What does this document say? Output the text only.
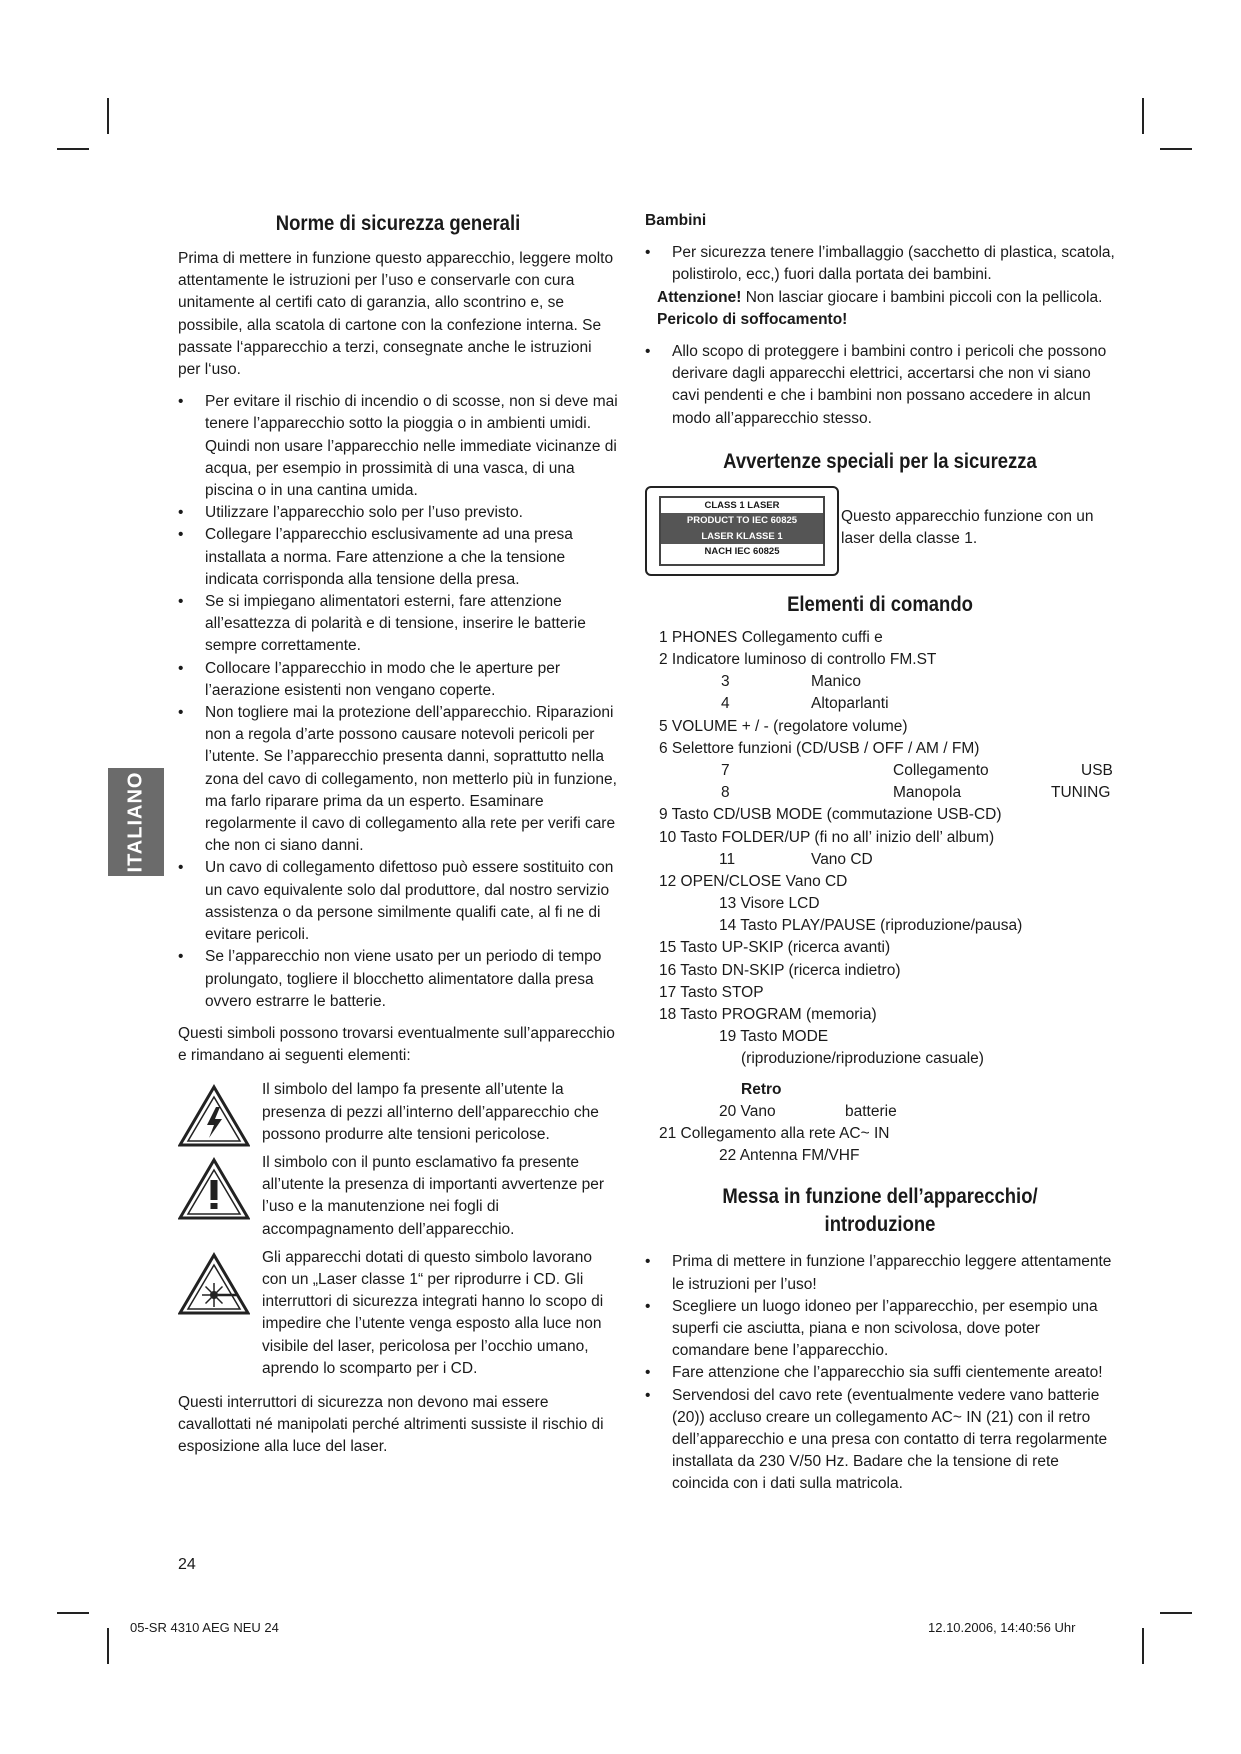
ITALIANO
Norme di sicurezza generali

Prima di mettere in funzione questo apparecchio, leggere molto attentamente le istruzioni per l’uso e conservarle con cura unitamente al certifi cato di garanzia, allo scontrino e, se possibile, alla scatola di cartone con la confezione interna. Se passate l‘apparecchio a terzi, consegnate anche le istruzioni per l‘uso.

• Per evitare il rischio di incendio o di scosse, non si deve mai tenere l’apparecchio sotto la pioggia o in ambienti umidi. Quindi non usare l’apparecchio nelle immediate vicinanze di acqua, per esempio in prossimità di una vasca, di una piscina o in una cantina umida.
• Utilizzare l’apparecchio solo per l’uso previsto.
• Collegare l’apparecchio esclusivamente ad una presa installata a norma. Fare attenzione a che la tensione indicata corrisponda alla tensione della presa.
• Se si impiegano alimentatori esterni, fare attenzione all’esattezza di polarità e di tensione, inserire le batterie sempre correttamente.
• Collocare l’apparecchio in modo che le aperture per l’aerazione esistenti non vengano coperte.
• Non togliere mai la protezione dell’apparecchio. Riparazioni non a regola d’arte possono causare notevoli pericoli per l’utente. Se l’apparecchio presenta danni, soprattutto nella zona del cavo di collegamento, non metterlo più in funzione, ma farlo riparare prima da un esperto. Esaminare regolarmente il cavo di collegamento alla rete per verifi care che non ci siano danni.
• Un cavo di collegamento difettoso può essere sostituito con un cavo equivalente solo dal produttore, dal nostro servizio assistenza o da persone similmente qualifi cate, al fi ne di evitare pericoli.
• Se l’apparecchio non viene usato per un periodo di tempo prolungato, togliere il blocchetto alimentatore dalla presa ovvero estrarre le batterie.

Questi simboli possono trovarsi eventualmente sull’apparecchio e rimandano ai seguenti elementi:

Il simbolo del lampo fa presente all’utente la presenza di pezzi all’interno dell’apparecchio che possono produrre alte tensioni pericolose.

Il simbolo con il punto esclamativo fa presente all’utente la presenza di importanti avvertenze per l’uso e la manutenzione nei fogli di accompagnamento dell’apparecchio.

Gli apparecchi dotati di questo simbolo lavorano con un „Laser classe 1“ per riprodurre i CD. Gli interruttori di sicurezza integrati hanno lo scopo di impedire che l’utente venga esposto alla luce non visibile del laser, pericolosa per l’occhio umano, aprendo lo scomparto per i CD.

Questi interruttori di sicurezza non devono mai essere cavallottati né manipolati perché altrimenti sussiste il rischio di esposizione alla luce del laser.

Bambini

• Per sicurezza tenere l’imballaggio (sacchetto di plastica, scatola, polistirolo, ecc,) fuori dalla portata dei bambini.

Attenzione! Non lasciar giocare i bambini piccoli con la pellicola. Pericolo di soffocamento!

• Allo scopo di proteggere i bambini contro i pericoli che possono derivare dagli apparecchi elettrici, accertarsi che non vi siano cavi pendenti e che i bambini non possano accedere in alcun modo all’apparecchio stesso.
Avvertenze speciali per la sicurezza
CLASS 1 LASER
PRODUCT TO IEC 60825
LASER KLASSE 1
NACH IEC 60825

Questo apparecchio funzione con un laser della classe 1.

Elementi di comando
1 PHONES Collegamento cuffi e
2 Indicatore luminoso di controllo FM.ST
3	Manico
4	Altoparlanti
5 VOLUME + / - (regolatore volume)
6 Selettore funzioni (CD/USB / OFF / AM / FM)
7	Collegamento	USB
8	Manopola	TUNING
9 Tasto CD/USB MODE (commutazione USB-CD)
10 Tasto FOLDER/UP (fi no all’ inizio dell’ album)
11	Vano CD
12 OPEN/CLOSE Vano CD
13 Visore LCD
14 Tasto PLAY/PAUSE (riproduzione/pausa)
15 Tasto UP-SKIP (ricerca avanti)
16 Tasto DN-SKIP (ricerca indietro)
17 Tasto STOP
18 Tasto PROGRAM (memoria)
19 Tasto MODE
(riproduzione/riproduzione casuale)
Retro
20 Vano	batterie
21 Collegamento alla rete AC~ IN
22 Antenna FM/VHF
Messa in funzione dell’apparecchio/
introduzione
• Prima di mettere in funzione l’apparecchio leggere attentamente le istruzioni per l’uso!
• Scegliere un luogo idoneo per l’apparecchio, per esempio una superfi cie asciutta, piana e non scivolosa, dove poter comandare bene l’apparecchio.
• Fare attenzione che l’apparecchio sia suffi cientemente areato!
• Servendosi del cavo rete (eventualmente vedere vano batterie (20)) accluso creare un collegamento AC~ IN (21) con il retro dell’apparecchio e una presa con contatto di terra regolarmente installata da 230 V/50 Hz. Badare che la tensione di rete coincida con i dati sulla matricola.
24
05-SR 4310 AEG NEU 24	12.10.2006, 14:40:56 Uhr
